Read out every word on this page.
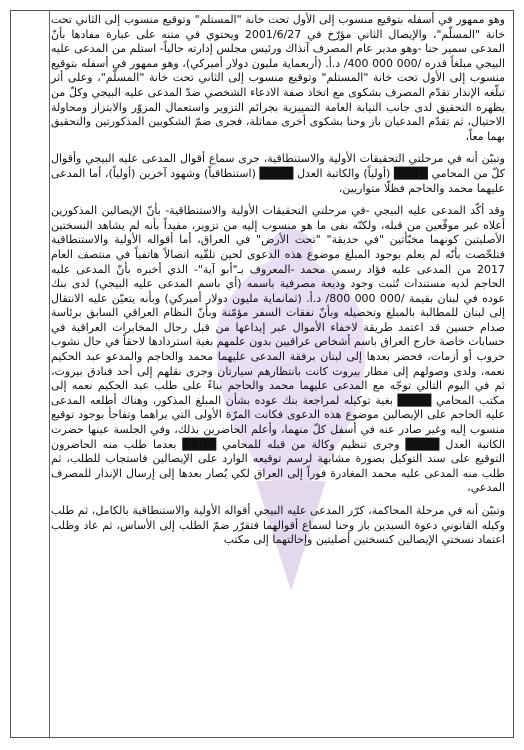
وهو ممهور في أسفله بتوقيع منسوب إلى الأول تحت خانة "المستلم" وتوقيع منسوب إلى الثاني تحت خانة "المسلّم"، والإيصال الثاني مؤرّخ في 2001/6/27 ويحتوي في متنه على عبارة مفادها بأنّ المدعى سمير حنا -وهو مدير عام المصرف آنذاك ورئيس مجلس إدارته حالياً- استلم من المدعى عليه البيجي مبلغاً قدره /000 000 400/ د.أ. (أربعماية مليون دولار أميركي)، وهو ممهور في أسفله بتوقيع منسوب إلى الأول تحت خانة "المستلم" وتوقيع منسوب إلى الثاني تحت خانة "المسلّم"، وعلى أثر تبلّغه الإنذار تقدّم المصرف بشكوى مع اتخاذ صفة الادعاء الشخصي ضدّ المدعى عليه البيجي وكلّ من يظهره التحقيق لدى جانب النيابة العامة التمييزية بجرائم التزوير واستعمال المزوّر والابتزاز ومحاولة الاحتيال، ثم تقدّم المدعيان باز وحنا بشكوى أخرى مماثلة، فجرى ضمّ الشكويين المذكورتين والتحقيق بهما معاً،

وتبيّن أنه في مرحلتي التحقيقات الأولية والاستنطاقية، جرى سماع أقوال المدعى عليه البيجي وأقوال كلّ من المحامي ████ (أولياً) والكاتبة العدل ████ (استنطاقياً) وشهود آخرين (أولياً)، أما المدعى عليهما محمد والحاجم فظلّا متواريين،

وقد أكّد المدعى عليه البيجي -في مرحلتي التحقيقات الأولية والاستنطاقية- بأنّ الإيصالين المذكورين أعلاه غير موقّعين من قبله، ولكنّه نفى ما هو منسوب إليه من تزوير، مفيداً بأنه لم يشاهد النسختين الأصليتين كونهما مخبّأتين "في حديقة" "تحت الأرض" في العراق، أما أقواله الأولية والاستنطاقية فتلخّصت بأنّه لم يعلم بوجود المبلغ موضوع هذه الدعوى لحين تلقّيه اتصالاً هاتفياً في منتصف العام 2017 من المدعى عليه فؤاد رسمي محمد -المعروف بـ"أبو آية"- الذي أخبره بأنّ المدعى عليه الحاجم لديه مستندات تُثبت وجود وديعة مصرفية باسمه (أي باسم المدعى عليه البيجي) لدى بنك عوده في لبنان بقيمة /000 000 800/ د.أ. (ثمانماية مليون دولار أميركي) وبأنه يتعيّن عليه الانتقال إلى لبنان للمطالبة بالمبلغ وتحصيله وبأنّ نفقات السفر مؤمّنة وبأنّ النظام العراقي السابق برئاسة صدام حسين قد اعتمد طريقة لاخفاء الأموال عبر إيداعها من قبل رجال المخابرات العراقية في حسابات خاصة خارج العراق باسم أشخاص عراقيين بدون علمهم بغية استردادها لاحقاً في حال نشوب حروب أو أزمات، فحضر بعدها إلى لبنان برفقة المدعى عليهما محمد والحاجم والمدعو عبد الحكيم نعمه، ولدى وصولهم إلى مطار بيروت كانت بانتظارهم سيارتان وجرى نقلهم إلى أحد فنادق بيروت، ثم في اليوم التالي توجّه مع المدعى عليهما محمد والحاجم بناءً على طلب عبد الحكيم نعمه إلى مكتب المحامي ████ بغية توكيله لمراجعة بنك عوده بشأن المبلغ المذكور، وهناك أطلعه المدعى عليه الحاجم على الإيصالين موضوع هذه الدعوى فكانت المرّة الأولى التي يراهما وتفاجأ بوجود توقيع منسوب إليه وغير صادر عنه في أسفل كلّ منهما، وأعلم الحاضرين بذلك، وفي الجلسة عينها حضرت الكاتبة العدل ████ وجرى تنظيم وكالة من قبله للمحامي ████ بعدما طلب منه الحاضرون التوقيع على سند التوكيل بصورة مشابهة لرسم توقيعه الوارد على الإيصالين فاستجاب للطلب، ثم طلب منه المدعى عليه محمد المغادرة فوراً إلى العراق لكي يُصار بعدها إلى إرسال الإنذار للمصرف المدعي،

وتبيّن أنه في مرحلة المحاكمة، كرّر المدعى عليه البيجي أقواله الأولية والاستنطاقية بالكامل، ثم طلب وكيله القانوني دعوة السيدين باز وحنا لسماع أقوالهما فتقرّر ضمّ الطلب إلى الأساس، ثم عاد وطلب اعتماد نسختي الإيصالين كنسختين أصليتين وإحالتهما إلى مكتب
